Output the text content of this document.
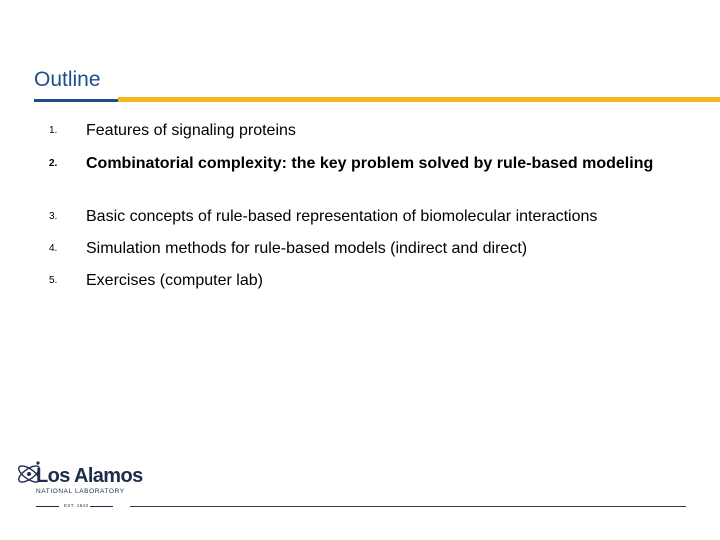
Outline
1. Features of signaling proteins
2. Combinatorial complexity: the key problem solved by rule-based modeling
3. Basic concepts of rule-based representation of biomolecular interactions
4. Simulation methods for rule-based models (indirect and direct)
5. Exercises (computer lab)
Los Alamos
NATIONAL LABORATORY
EST. 1943
